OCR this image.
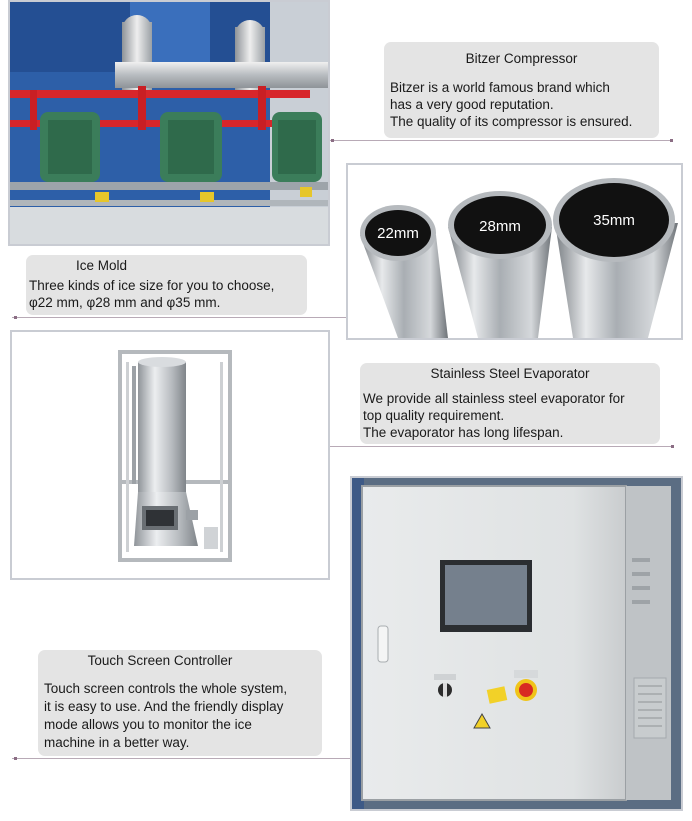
Bitzer Compressor
Bitzer is a world famous brand which
has a very good reputation.
The quality of its compressor is ensured.
22mm	28mm	35mm
Ice Mold
Three kinds of ice size for you to choose,
φ22 mm, φ28 mm and φ35 mm.
Stainless Steel Evaporator
We provide all stainless steel evaporator for
top quality requirement.
The evaporator has long lifespan.
Touch Screen Controller
Touch screen controls the whole system,
it is easy to use. And the friendly display
mode allows you to monitor the ice
machine in a better way.
